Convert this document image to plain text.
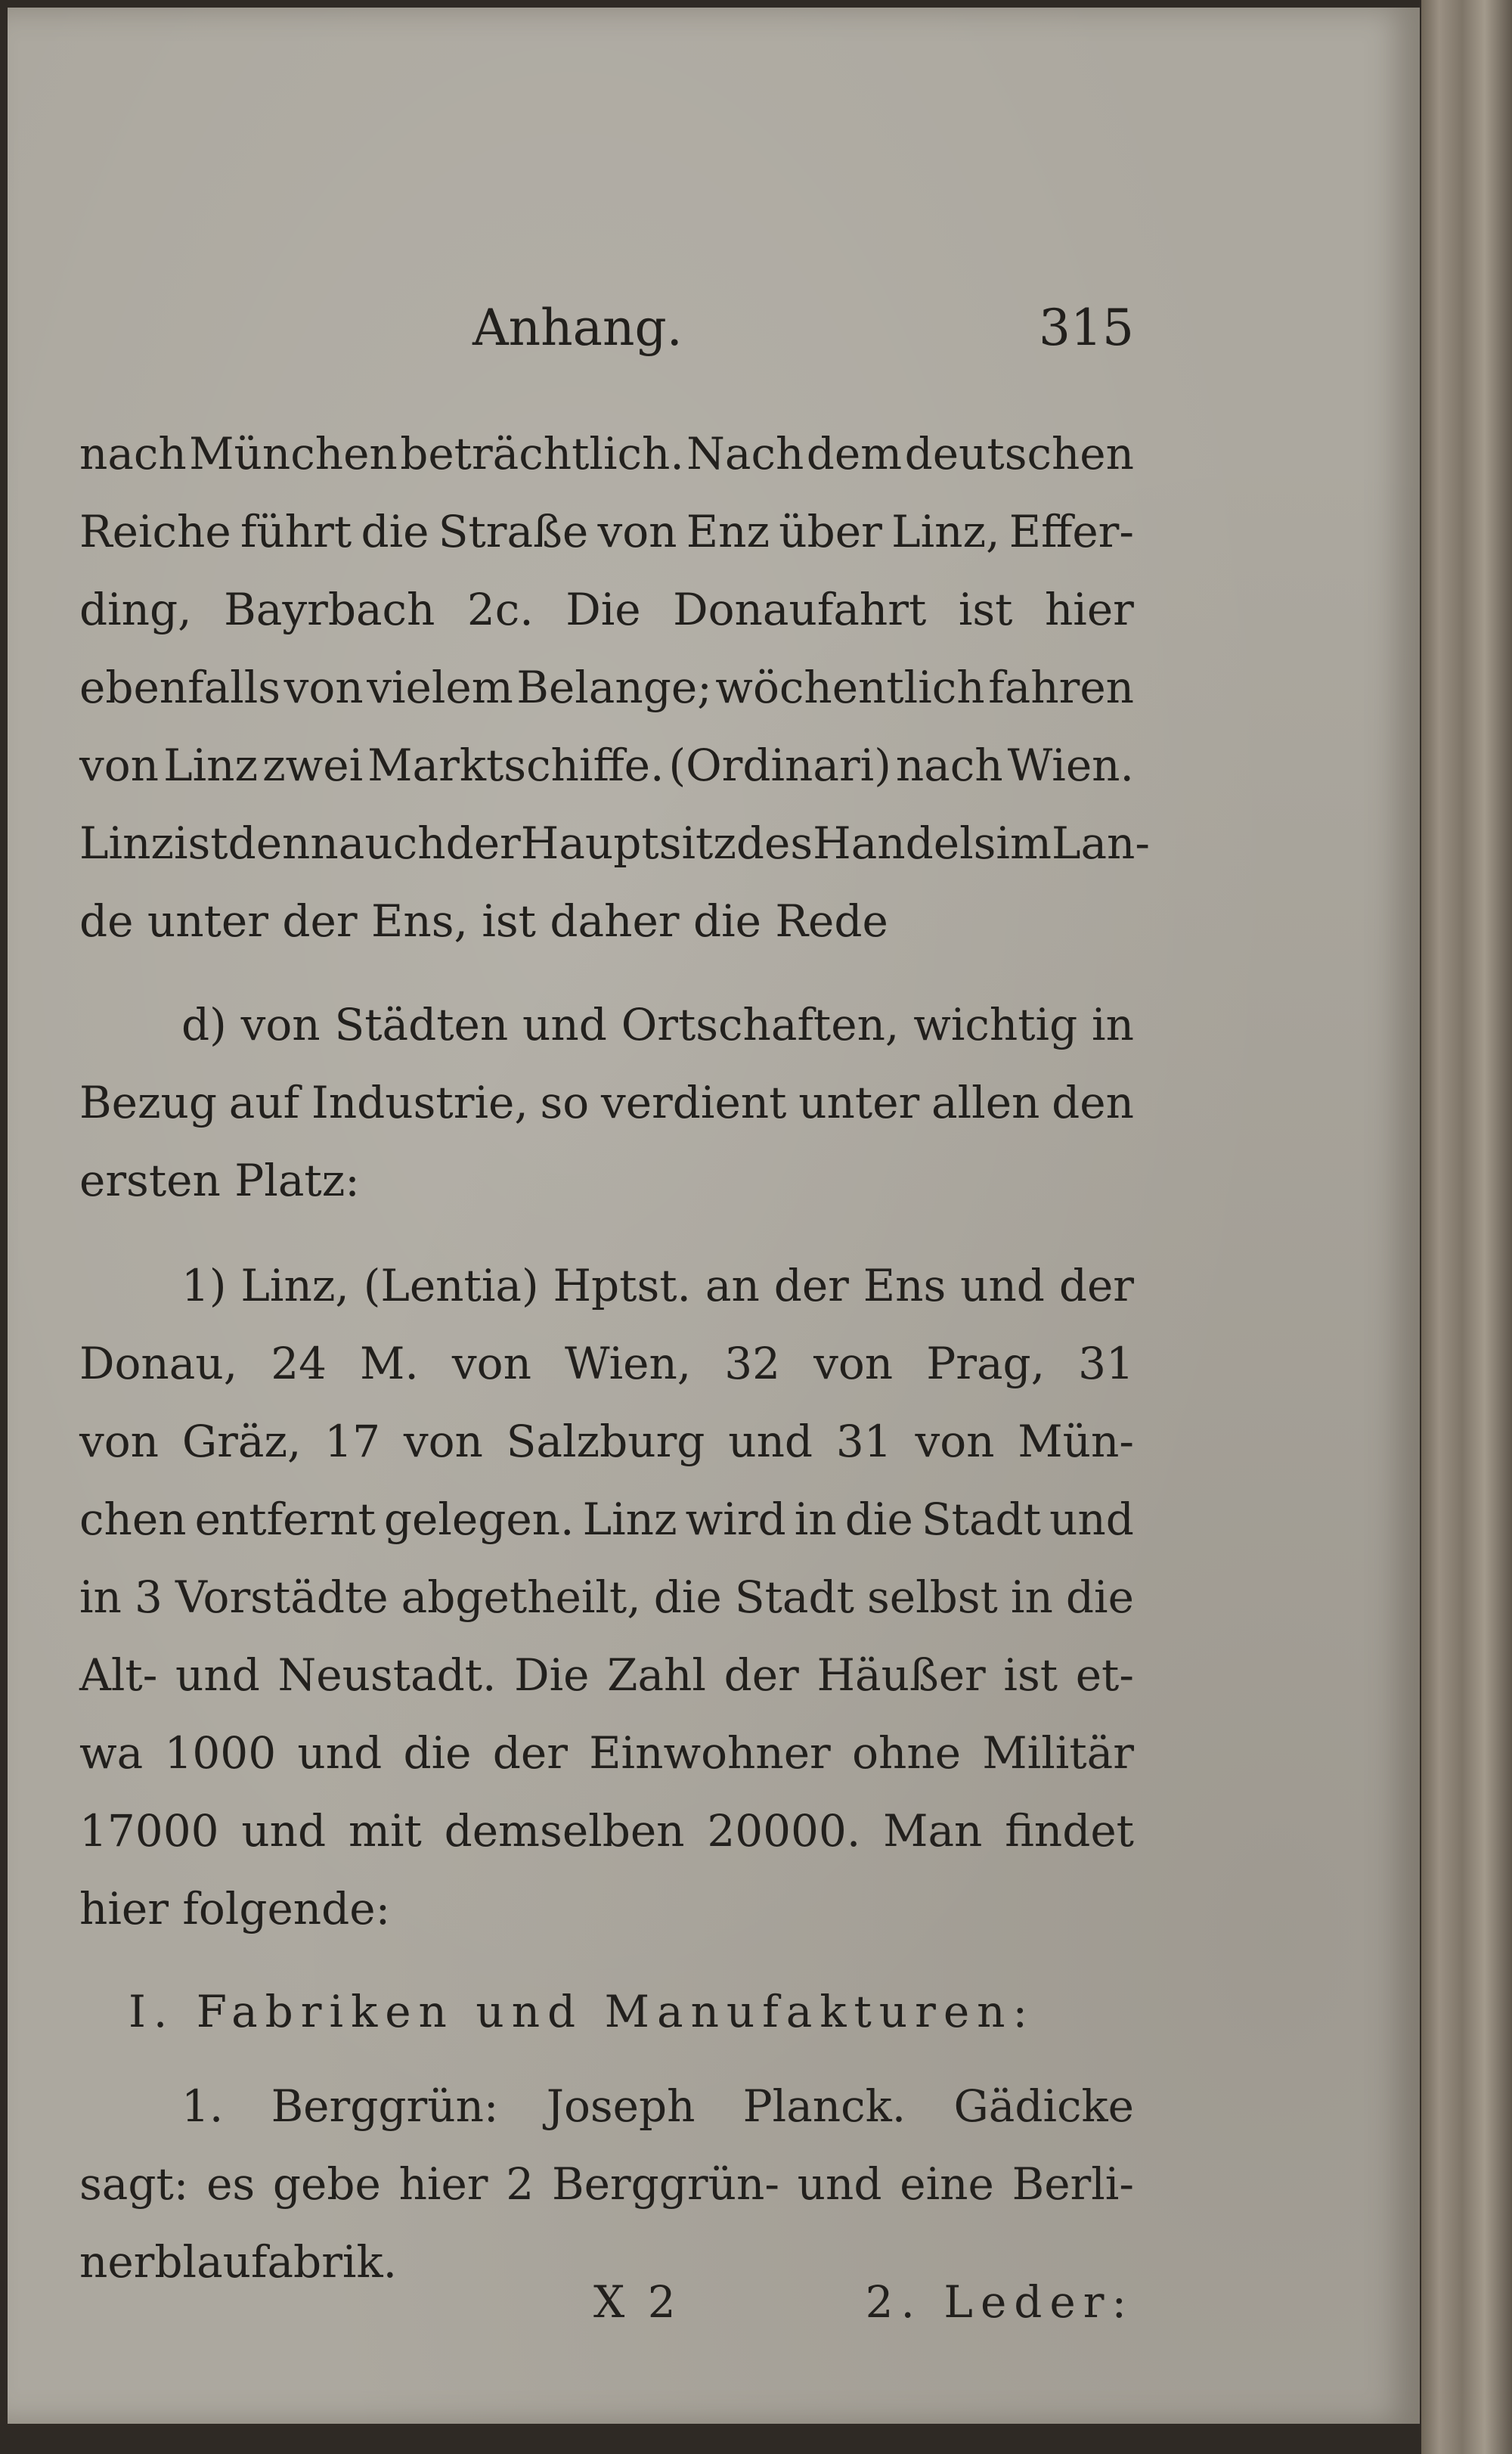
Anhang.	315
nach München beträchtlich. Nach dem deutschen
Reiche führt die Straße von Enz über Linz, Effer-
ding, Bayrbach 2c. Die Donaufahrt ist hier
ebenfalls von vielem Belange; wöchentlich fahren
von Linz zwei Marktschiffe. (Ordinari) nach Wien.
Linz ist denn auch der Hauptsitz des Handels im Lan-
de unter der Ens, ist daher die Rede
d) von Städten und Ortschaften, wichtig in
Bezug auf Industrie, so verdient unter allen den
ersten Platz:
1) Linz, (Lentia) Hptst. an der Ens und der
Donau, 24 M. von Wien, 32 von Prag, 31
von Gräz, 17 von Salzburg und 31 von Mün-
chen entfernt gelegen. Linz wird in die Stadt und
in 3 Vorstädte abgetheilt, die Stadt selbst in die
Alt- und Neustadt. Die Zahl der Häußer ist et-
wa 1000 und die der Einwohner ohne Militär
17000 und mit demselben 20000. Man findet
hier folgende:
I. Fabriken und Manufakturen:
1. Berggrün: Joseph Planck. Gädicke
sagt: es gebe hier 2 Berggrün- und eine Berli-
nerblaufabrik.
X 2	2. Leder:
